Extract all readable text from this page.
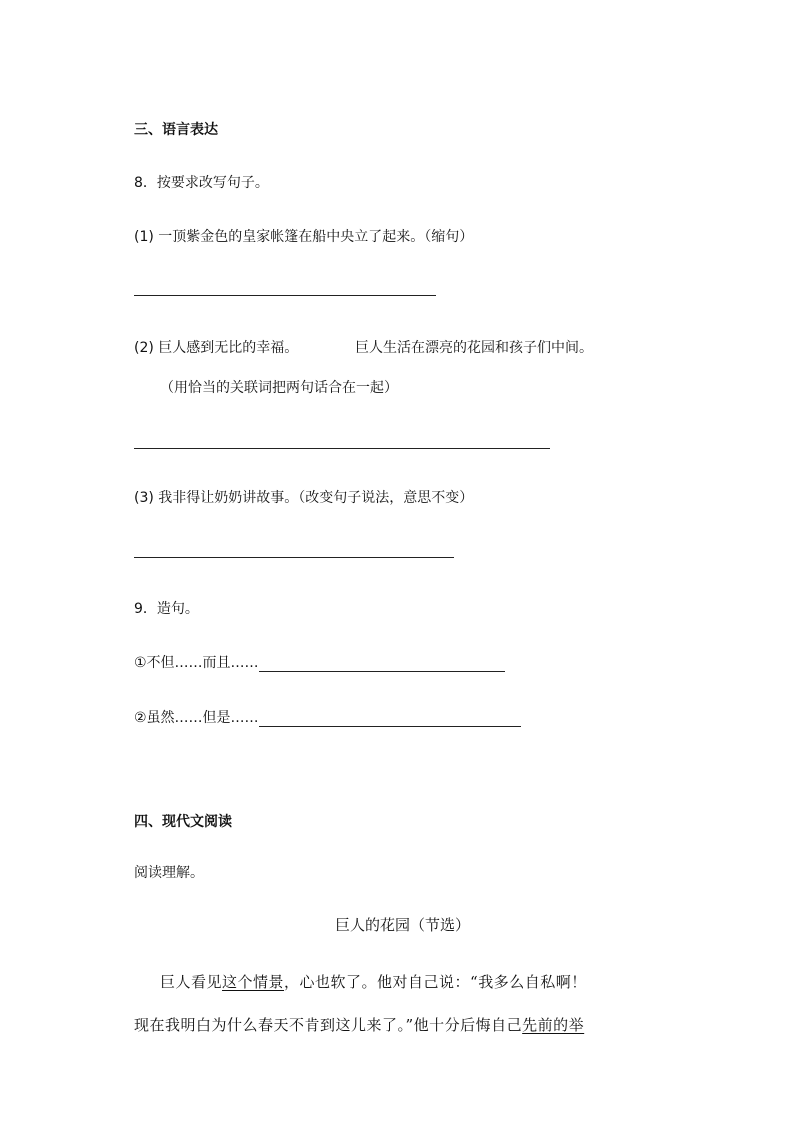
三、语言表达
8．按要求改写句子。
(1) 一顶紫金色的皇家帐篷在船中央立了起来。（缩句）
(2) 巨人感到无比的幸福。	巨人生活在漂亮的花园和孩子们中间。
（用恰当的关联词把两句话合在一起）
(3) 我非得让奶奶讲故事。（改变句子说法，意思不变）
9．造句。
①不但……而且……
②虽然……但是……
四、现代文阅读
阅读理解。
巨人的花园（节选）
巨人看见这个情景，心也软了。他对自己说：“我多么自私啊！
现在我明白为什么春天不肯到这儿来了。”他十分后悔自己先前的举
